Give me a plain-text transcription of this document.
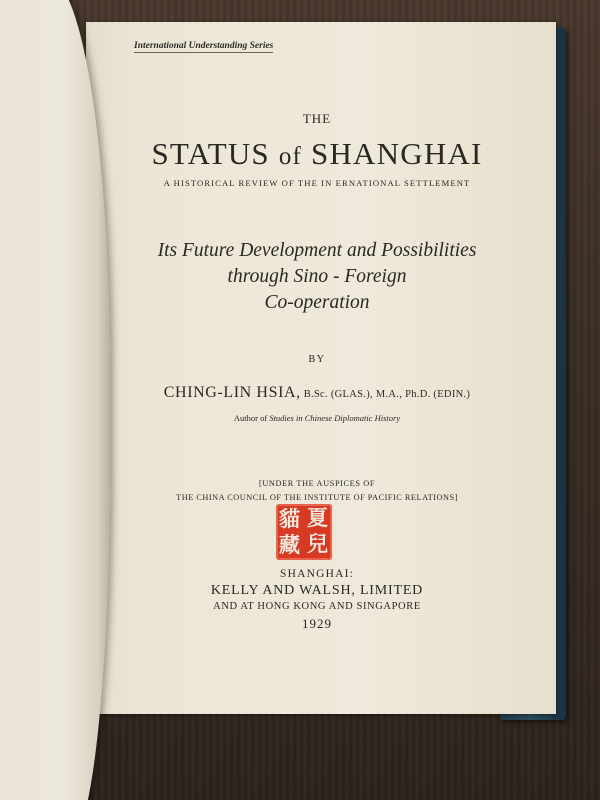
International Understanding Series
THE
STATUS of SHANGHAI
A HISTORICAL REVIEW OF THE IN ERNATIONAL SETTLEMENT
Its Future Development and Possibilities
through Sino - Foreign
Co-operation
BY
CHING-LIN HSIA, B.Sc. (GLAS.), M.A., Ph.D. (EDIN.)
Author of Studies in Chinese Diplomatic History
[UNDER THE AUSPICES OF
THE CHINA COUNCIL OF THE INSTITUTE OF PACIFIC RELATIONS]
夏
貓
兒
藏
SHANGHAI:
KELLY AND WALSH, LIMITED
AND AT HONG KONG AND SINGAPORE
1929
